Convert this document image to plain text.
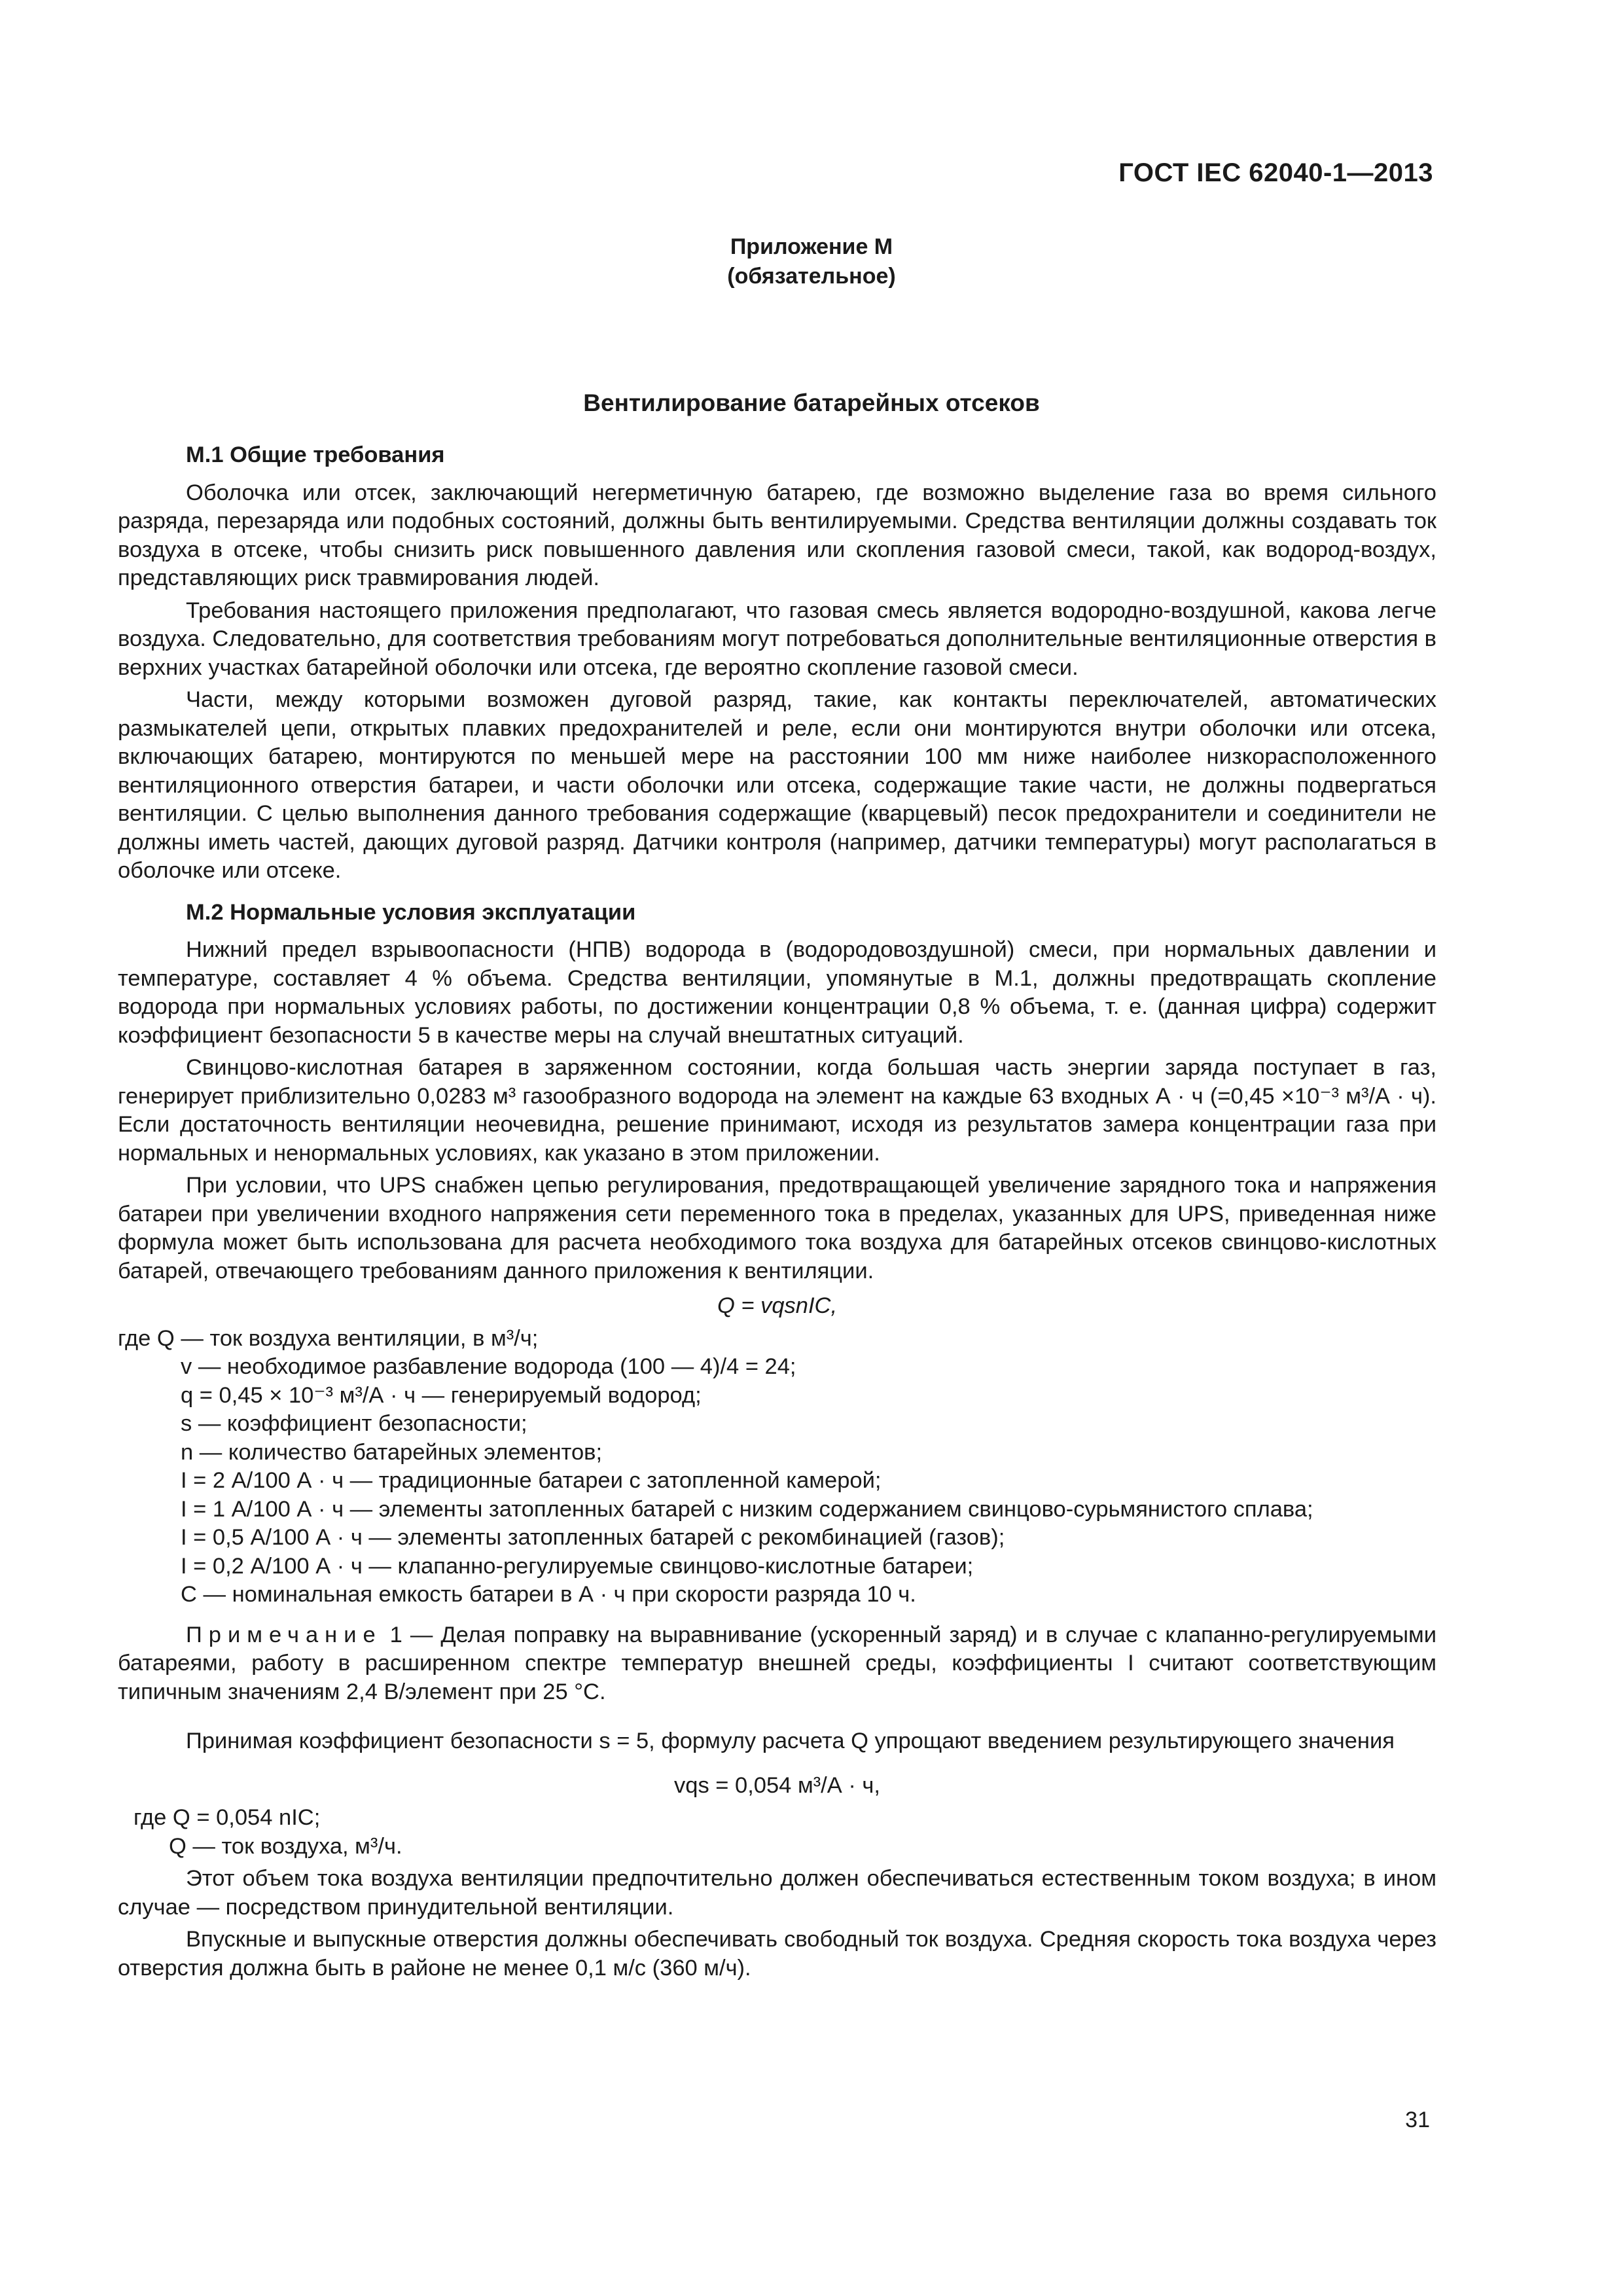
ГОСТ IEC 62040-1—2013
Приложение М
(обязательное)
Вентилирование батарейных отсеков
М.1 Общие требования
Оболочка или отсек, заключающий негерметичную батарею, где возможно выделение газа во время сильного разряда, перезаряда или подобных состояний, должны быть вентилируемыми. Средства вентиляции должны создавать ток воздуха в отсеке, чтобы снизить риск повышенного давления или скопления газовой смеси, такой, как водород-воздух, представляющих риск травмирования людей.
Требования настоящего приложения предполагают, что газовая смесь является водородно-воздушной, какова легче воздуха. Следовательно, для соответствия требованиям могут потребоваться дополнительные вентиляционные отверстия в верхних участках батарейной оболочки или отсека, где вероятно скопление газовой смеси.
Части, между которыми возможен дуговой разряд, такие, как контакты переключателей, автоматических размыкателей цепи, открытых плавких предохранителей и реле, если они монтируются внутри оболочки или отсека, включающих батарею, монтируются по меньшей мере на расстоянии 100 мм ниже наиболее низкорасположенного вентиляционного отверстия батареи, и части оболочки или отсека, содержащие такие части, не должны подвергаться вентиляции. С целью выполнения данного требования содержащие (кварцевый) песок предохранители и соединители не должны иметь частей, дающих дуговой разряд. Датчики контроля (например, датчики температуры) могут располагаться в оболочке или отсеке.
М.2 Нормальные условия эксплуатации
Нижний предел взрывоопасности (НПВ) водорода в (водородовоздушной) смеси, при нормальных давлении и температуре, составляет 4 % объема. Средства вентиляции, упомянутые в М.1, должны предотвращать скопление водорода при нормальных условиях работы, по достижении концентрации 0,8 % объема, т. е. (данная цифра) содержит коэффициент безопасности 5 в качестве меры на случай внештатных ситуаций.
Свинцово-кислотная батарея в заряженном состоянии, когда большая часть энергии заряда поступает в газ, генерирует приблизительно 0,0283 м³ газообразного водорода на элемент на каждые 63 входных А · ч (=0,45 ×10⁻³ м³/А · ч). Если достаточность вентиляции неочевидна, решение принимают, исходя из результатов замера концентрации газа при нормальных и ненормальных условиях, как указано в этом приложении.
При условии, что UPS снабжен цепью регулирования, предотвращающей увеличение зарядного тока и напряжения батареи при увеличении входного напряжения сети переменного тока в пределах, указанных для UPS, приведенная ниже формула может быть использована для расчета необходимого тока воздуха для батарейных отсеков свинцово-кислотных батарей, отвечающего требованиям данного приложения к вентиляции.
Q = vqsnIC,
где Q — ток воздуха вентиляции, в м³/ч;
v — необходимое разбавление водорода (100 — 4)/4 = 24;
q = 0,45 × 10⁻³ м³/А · ч — генерируемый водород;
s — коэффициент безопасности;
n — количество батарейных элементов;
I = 2 А/100 А · ч — традиционные батареи с затопленной камерой;
I = 1 А/100 А · ч — элементы затопленных батарей с низким содержанием свинцово-сурьмянистого сплава;
I = 0,5 А/100 А · ч — элементы затопленных батарей с рекомбинацией (газов);
I = 0,2 А/100 А · ч — клапанно-регулируемые свинцово-кислотные батареи;
C — номинальная емкость батареи в А · ч при скорости разряда 10 ч.
Примечание 1 — Делая поправку на выравнивание (ускоренный заряд) и в случае с клапанно-регулируемыми батареями, работу в расширенном спектре температур внешней среды, коэффициенты I считают соответствующим типичным значениям 2,4 В/элемент при 25 °С.
Принимая коэффициент безопасности s = 5, формулу расчета Q упрощают введением результирующего значения
vqs = 0,054 м³/А · ч,
где Q = 0,054 nIC;
Q — ток воздуха, м³/ч.
Этот объем тока воздуха вентиляции предпочтительно должен обеспечиваться естественным током воздуха; в ином случае — посредством принудительной вентиляции.
Впускные и выпускные отверстия должны обеспечивать свободный ток воздуха. Средняя скорость тока воздуха через отверстия должна быть в районе не менее 0,1 м/с (360 м/ч).
31
